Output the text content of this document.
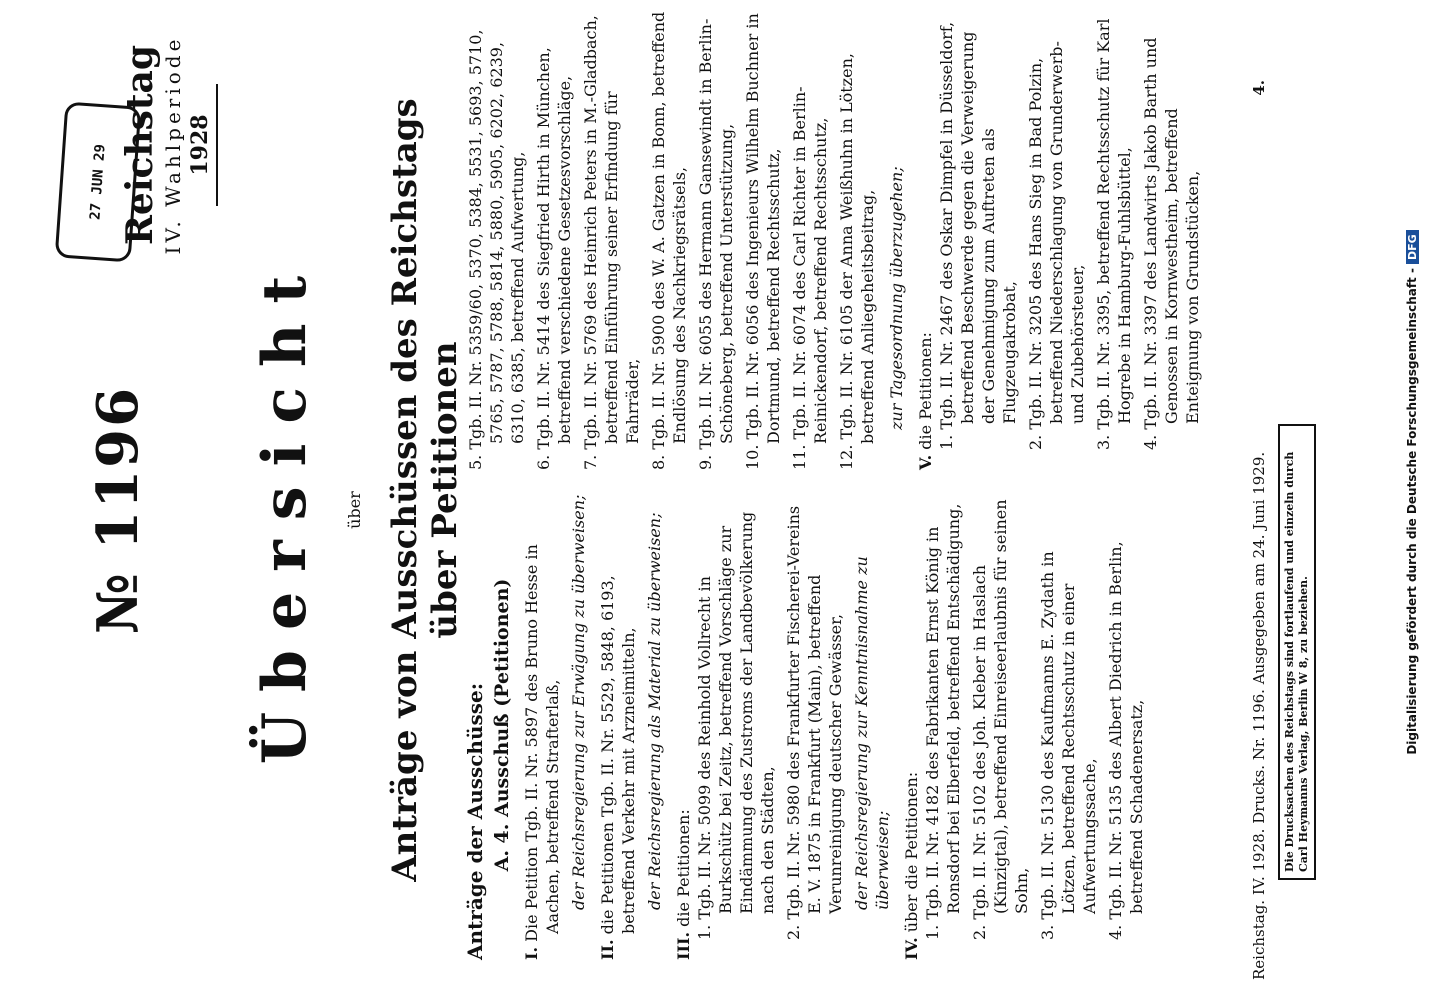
27 JUN 29 Reichstag IV. Wahlperiode 1928
№ 1196 Übersicht über Anträge von Ausschüssen des Reichstags über Petitionen
Anträge der Ausschüsse: A. 4. Ausschuß (Petitionen)
I. Die Petition Tgb. II. Nr. 5897 des Bruno Hesse in Aachen, betreffend Strafterlaß, der Reichsregierung zur Erwägung zu überweisen;
II. die Petitionen Tgb. II. Nr. 5529, 5848, 6193, betreffend Verkehr mit Arzneimitteln, der Reichsregierung als Material zu überweisen;
III. die Petitionen: 1. Tgb. II. Nr. 5099 des Reinhold Vollrecht in Burkschütz bei Zeitz, betreffend Vorschläge zur Eindämmung des Zustroms der Landbevölkerung nach den Städten, 2. Tgb. II. Nr. 5980 des Frankfurter Fischerei-Vereins E. V. 1875 in Frankfurt (Main), betreffend Verunreinigung deutscher Gewässer, der Reichsregierung zur Kenntnisnahme zu überweisen;
IV. über die Petitionen: 1. Tgb. II. Nr. 4182 des Fabrikanten Ernst König in Ronsdorf bei Elberfeld, betreffend Entschädigung, 2. Tgb. II. Nr. 5102 des Joh. Kleber in Haslach (Kinzigtal), betreffend Einreiseerlaubnis für seinen Sohn, 3. Tgb. II. Nr. 5130 des Kaufmanns E. Zydath in Lötzen, betreffend Rechtsschutz in einer Aufwertungssache, 4. Tgb. II. Nr. 5135 des Albert Diedrich in Berlin, betreffend Schadenersatz,
5. Tgb. II. Nr. 5359/60, 5370, 5384, 5531, 5693, 5710, 5765, 5787, 5788, 5814, 5880, 5905, 6202, 6239, 6310, 6385, betreffend Aufwertung, 6. Tgb. II. Nr. 5414 des Siegfried Hirth in München, betreffend verschiedene Gesetzesvorschläge, 7. Tgb. II. Nr. 5769 des Heinrich Peters in M.-Gladbach, betreffend Einführung seiner Erfindung für Fahrräder, 8. Tgb. II. Nr. 5900 des W. A. Gatzen in Bonn, betreffend Endlösung des Nachkriegsrätsels, 9. Tgb. II. Nr. 6055 des Hermann Gansewindt in Berlin-Schöneberg, betreffend Unterstützung, 10. Tgb. II. Nr. 6056 des Ingenieurs Wilhelm Buchner in Dortmund, betreffend Rechtsschutz, 11. Tgb. II. Nr. 6074 des Carl Richter in Berlin-Reinickendorf, betreffend Rechtsschutz, 12. Tgb. II. Nr. 6105 der Anna Weißhuhn in Lötzen, betreffend Anliegeheitsbeitrag, zur Tagesordnung überzugehen;
V. die Petitionen: 1. Tgb. II. Nr. 2467 des Oskar Dimpfel in Düsseldorf, betreffend Beschwerde gegen die Verweigerung der Genehmigung zum Auftreten als Flugzeugakrobat, 2. Tgb. II. Nr. 3205 des Hans Sieg in Bad Polzin, betreffend Niederschlagung von Grunderwerb- und Zubehörsteuer, 3. Tgb. II. Nr. 3395, betreffend Rechtsschutz für Karl Hogrebe in Hamburg-Fuhlsbüttel, 4. Tgb. II. Nr. 3397 des Landwirts Jakob Barth und Genossen in Kornwestheim, betreffend Enteignung von Grundstücken,
Reichstag. IV. 1928. Drucks. Nr. 1196. Ausgegeben am 24. Juni 1929.
4.
Die Drucksachen des Reichstags sind fortlaufend und einzeln durch Carl Heymanns Verlag, Berlin W 8, zu beziehen.	Digitalisierung gefördert durch die Deutsche Forschungsgemeinschaft -DFG
